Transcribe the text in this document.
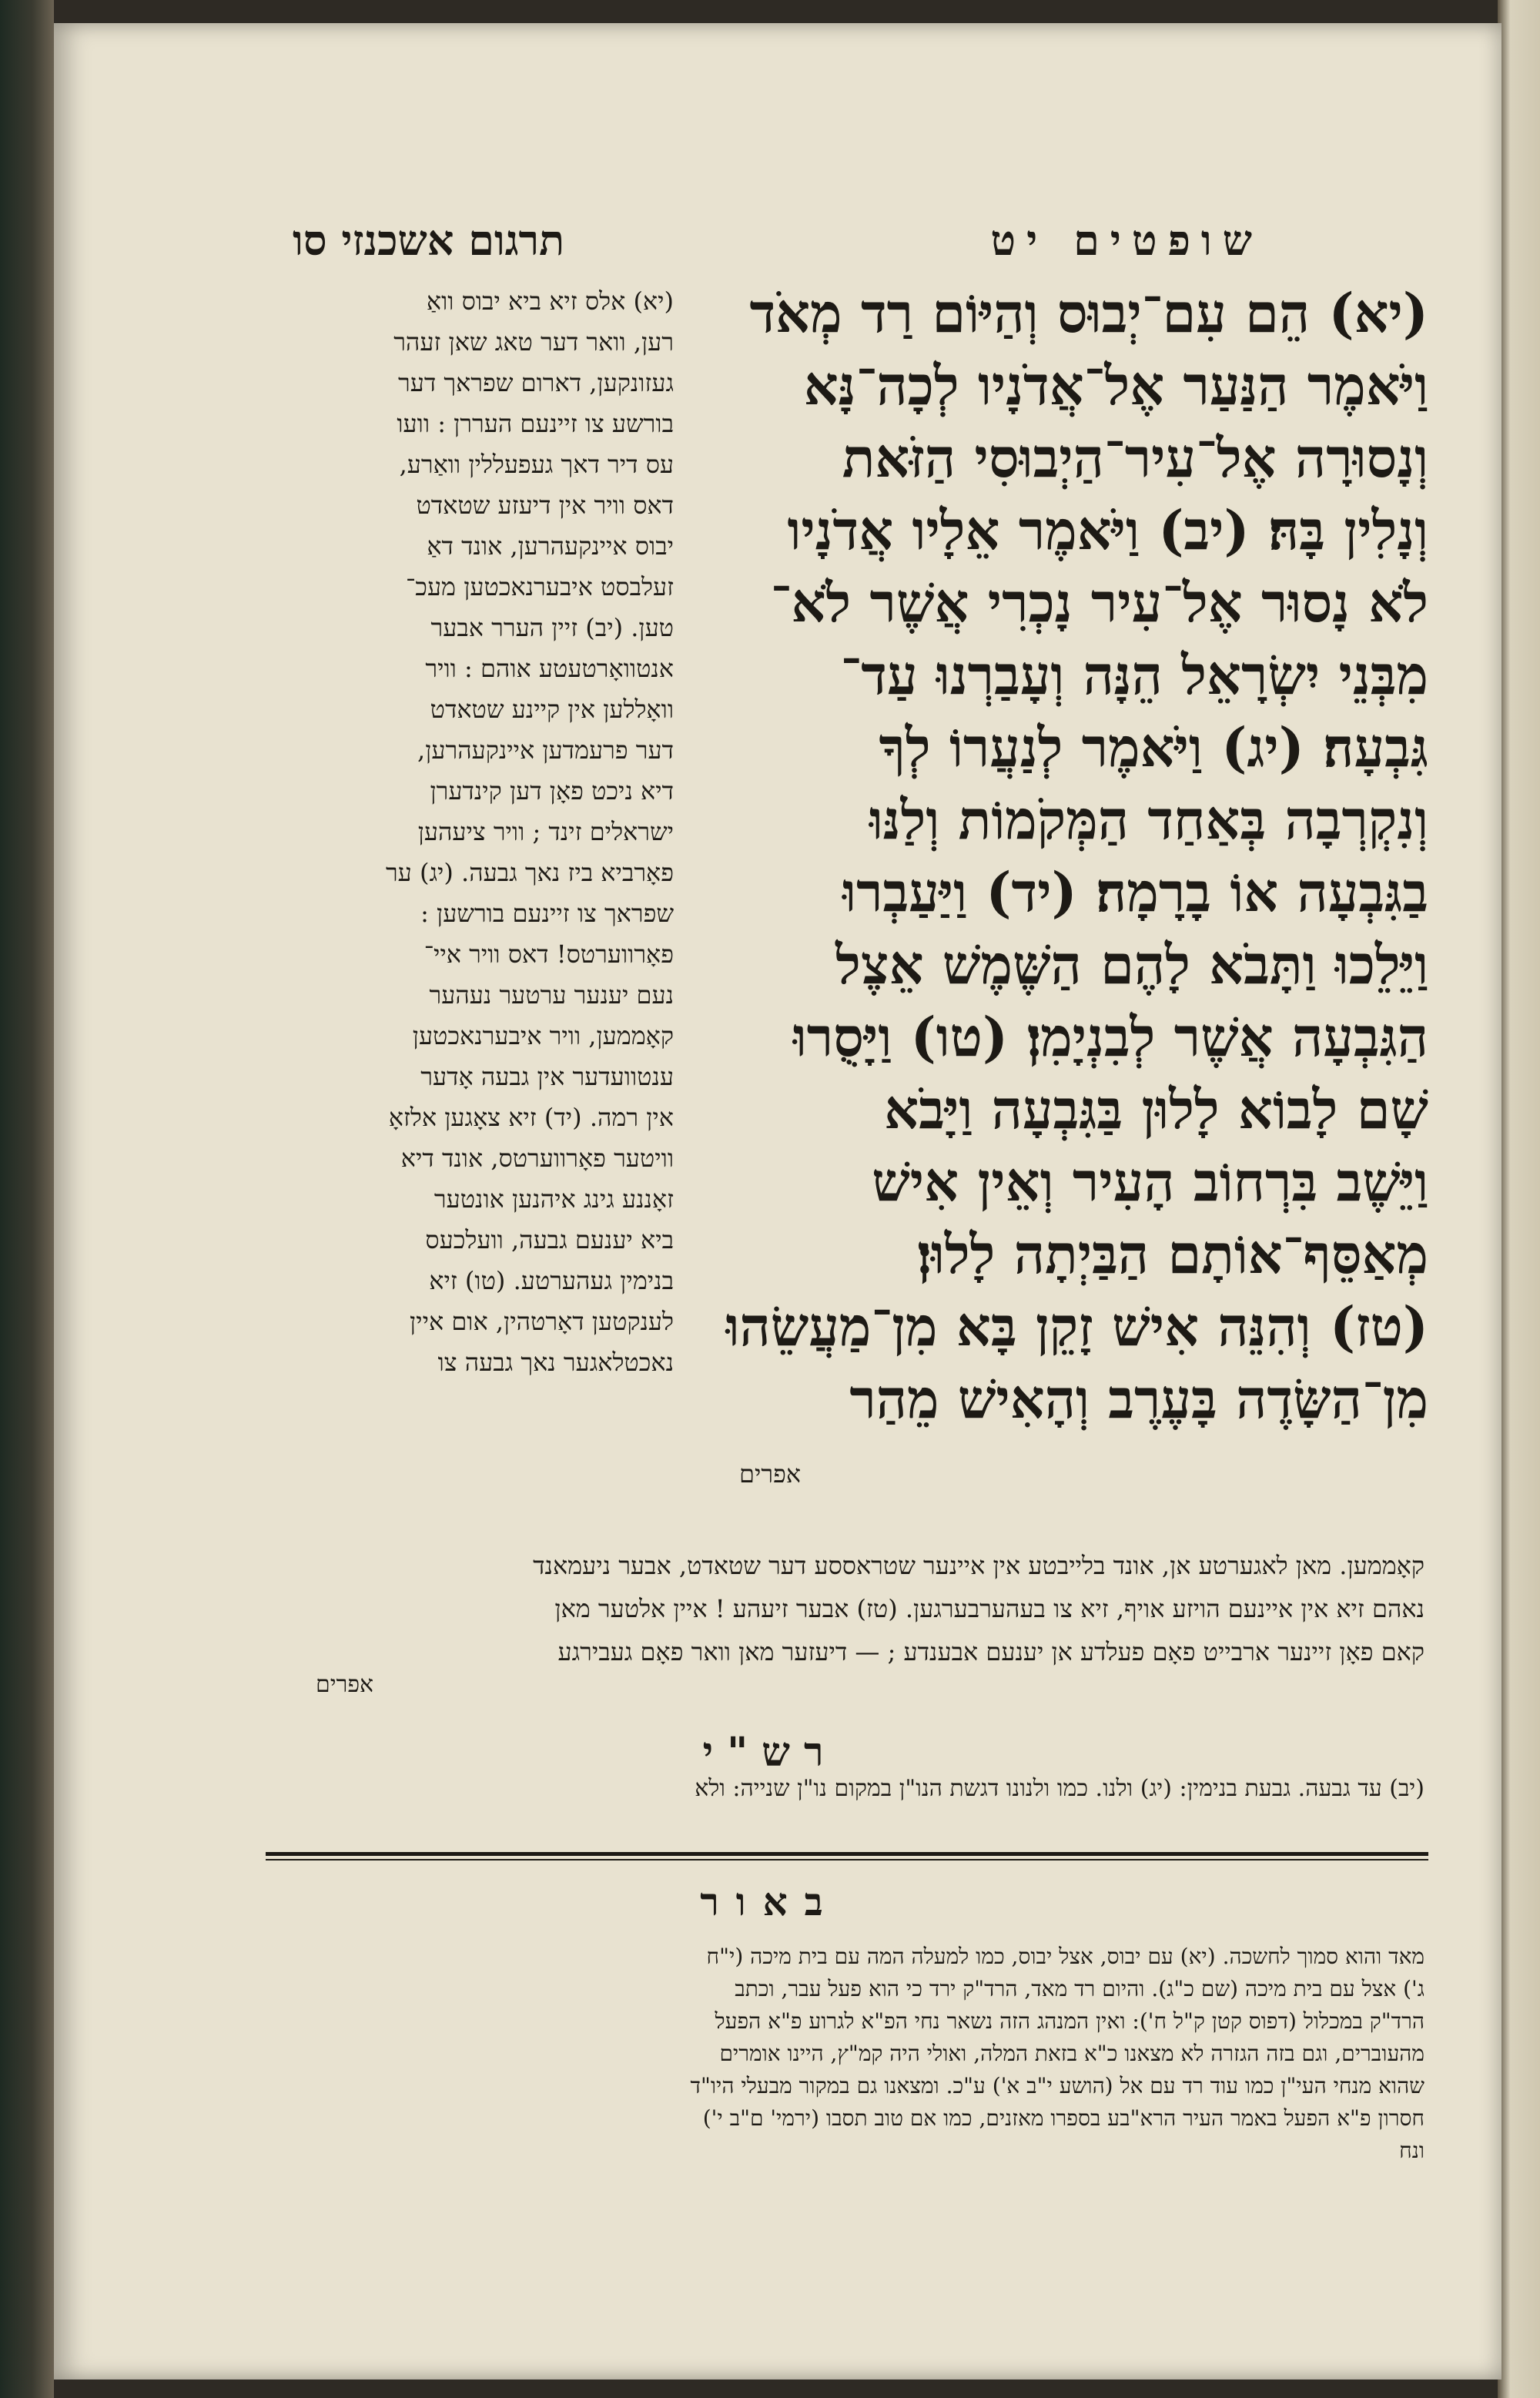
תרגום אשכנזי סו	שופטים יט
(יא) הֵם עִם־יְבוּס וְהַיּוֹם רַד מְאֹד
וַיֹּאמֶר הַנַּעַר אֶל־אֲדֹנָיו לְכָה־נָּא
וְנָסוּרָה אֶל־עִיר־הַיְבוּסִי הַזֹּאת
וְנָלִין בָּהּ׃ (יב) וַיֹּאמֶר אֵלָיו אֲדֹנָיו
לֹא נָסוּר אֶל־עִיר נָכְרִי אֲשֶׁר לֹא־
מִבְּנֵי יִשְׂרָאֵל הֵנָּה וְעָבַרְנוּ עַד־
גִּבְעָה׃ (יג) וַיֹּאמֶר לְנַעֲרוֹ לְךָ
וְנִקְרְבָה בְּאַחַד הַמְּקֹמוֹת וְלַנּוּ
בַגִּבְעָה אוֹ בָרָמָה׃ (יד) וַיַּעַבְרוּ
וַיֵּלֵכוּ וַתָּבֹא לָהֶם הַשֶּׁמֶשׁ אֵצֶל
הַגִּבְעָה אֲשֶׁר לְבִנְיָמִן׃ (טו) וַיָּסֻרוּ
שָׁם לָבוֹא לָלוּן בַּגִּבְעָה וַיָּבֹא
וַיֵּשֶׁב בִּרְחוֹב הָעִיר וְאֵין אִישׁ
מְאַסֵּף־אוֹתָם הַבַּיְתָה לָלוּן׃
(טז) וְהִנֵּה אִישׁ זָקֵן בָּא מִן־מַעֲשֵׂהוּ
מִן־הַשָּׂדֶה בָּעֶרֶב וְהָאִישׁ מֵהַר
(יא) אלס זיא ביא יבוס וואַ
רען, וואר דער טאג שאן זעהר
געזונקען, דארום שפראך דער
בורשע צו זיינעם העררן : וועו
עס דיר דאך געפעללין וואַרע,
דאס וויר אין דיעזע שטאדט
יבוס איינקעהרען, אונד דאַ
זעלבסט איבערנאכטען מעכ־
טען. (יב) זיין הערר אבער
אנטוואָרטעטע אוהם : וויר
וואָללען אין קיינע שטאדט
דער פרעמדען איינקעהרען,
דיא ניכט פאָן דען קינדערן
ישראלים זינד ; וויר ציעהען
פאָרביא ביז נאך גבעה. (יג) ער
שפראך צו זיינעם בורשען :
פאָרווערטס! דאס וויר איי־
נעם יענער ערטער נעהער
קאָממען, וויר איבערנאכטען
ענטוועדער אין גבעה אָדער
אין רמה. (יד) זיא צאָגען אלזאָ
וויטער פאָרווערטס, אונד דיא
זאָננע גינג איהנען אונטער
ביא יענעם גבעה, וועלכעס
בנימין געהערטע. (טו) זיא
לענקטען דאָרטהין, אום איין
נאכטלאגער נאך גבעה צו
אפרים
קאָממען. מאן לאגערטע אן, אונד בלייבטע אין איינער שטראססע דער שטאדט, אבער ניעמאנד
נאהם זיא אין איינעם הויזע אויף, זיא צו בעהערבערגען. (טז) אבער זיעהע ! איין אלטער מאן
קאם פאָן זיינער ארבייט פאָם פעלדע אן יענעם אבענדע ; — דיעזער מאן וואר פאָם געבירגע
אפרים
רש"י
(יב) עד גבעה. גבעת בנימין: (יג) ולנו. כמו ולנונו דגשת הנו"ן במקום נו"ן שנייה: ולא
באור
מאד והוא סמוך לחשכה. (יא) עם יבוס, אצל יבוס, כמו למעלה המה עם בית מיכה (י"ח
ג') אצל עם בית מיכה (שם כ"ג). והיום רד מאד, הרד"ק ירד כי הוא פעל עבר, וכתב
הרד"ק במכלול (דפוס קטן ק"ל ח'): ואין המנהג הזה נשאר נחי הפ"א לגרוע פ"א הפעל
מהעוברים, וגם בזה הגזרה לא מצאנו כ"א בזאת המלה, ואולי היה קמ"ץ, היינו אומרים
שהוא מנחי העי"ן כמו עוד רד עם אל (הושע י"ב א') ע"כ. ומצאנו גם במקור מבעלי היו"ד
חסרון פ"א הפעל באמר העיר הרא"בע בספרו מאזנים, כמו אם טוב תסבו (ירמי' ם"ב י')
ונח
